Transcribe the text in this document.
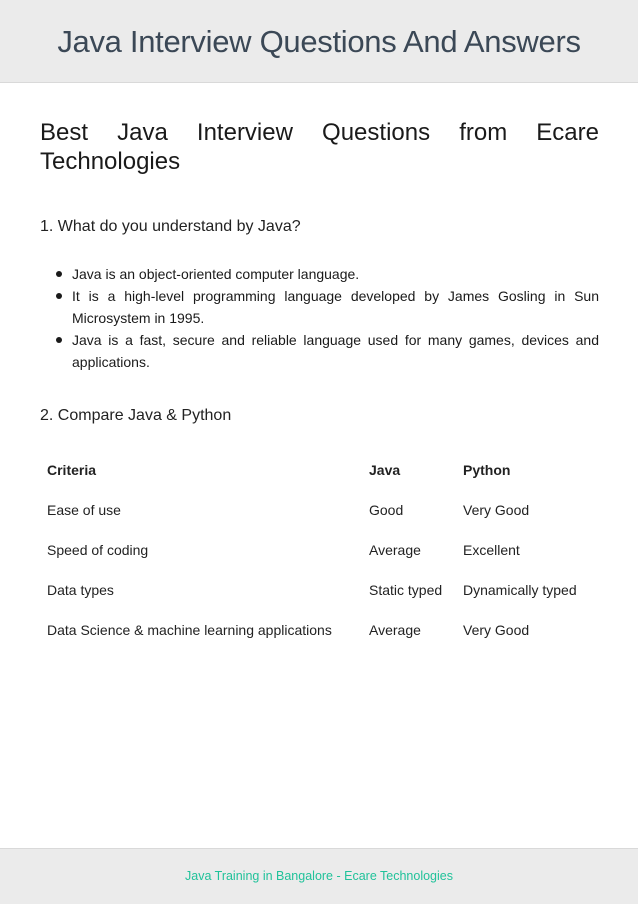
Java Interview Questions And Answers
Best Java Interview Questions from Ecare Technologies
1. What do you understand by Java?
Java is an object-oriented computer language.
It is a high-level programming language developed by James Gosling in Sun Microsystem in 1995.
Java is a fast, secure and reliable language used for many games, devices and applications.
2. Compare Java & Python
Criteria	Java	Python
Ease of use	Good	Very Good
Speed of coding	Average	Excellent
Data types	Static typed	Dynamically typed
Data Science & machine learning applications	Average	Very Good
Java Training in Bangalore - Ecare Technologies
